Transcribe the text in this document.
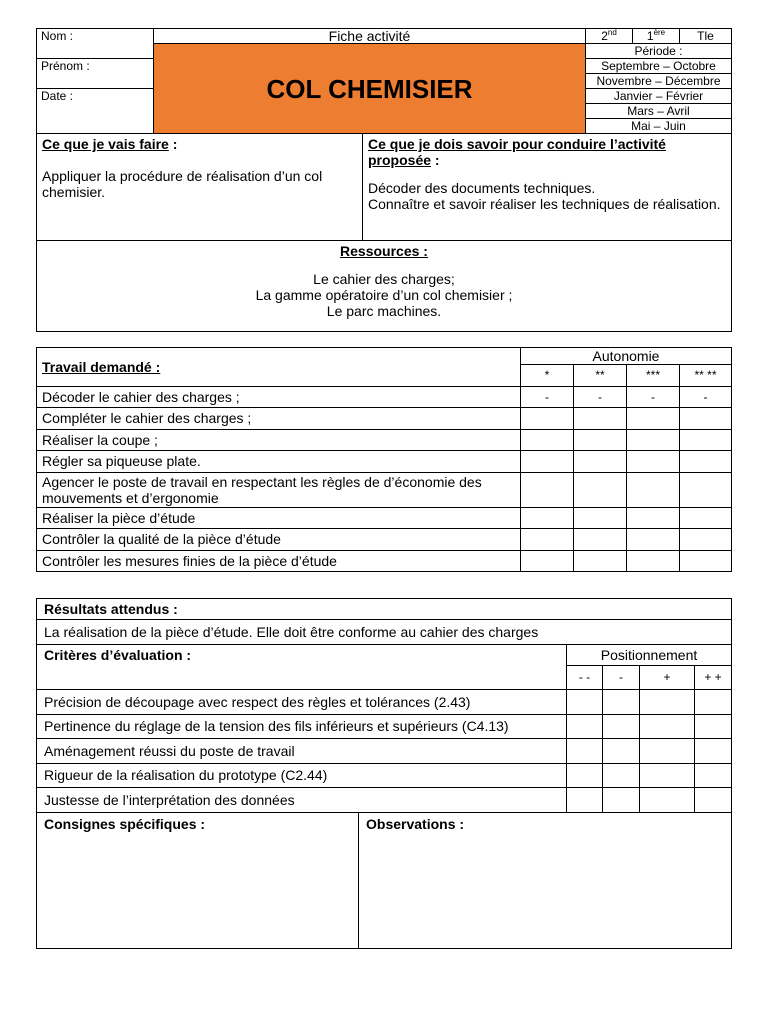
Nom :	Fiche activité	2nd	1ère	Tle
	COL CHEMISIER	Période :		
Prénom :		Septembre – Octobre		
		Novembre – Décembre		
Date :		Janvier – Février		
		Mars – Avril		
		Mai – Juin		

Ce que je vais faire :

Appliquer la procédure de réalisation d’un col chemisier.

Ce que je dois savoir pour conduire l’activité proposée :

Décoder des documents techniques.

Connaître et savoir réaliser les techniques de réalisation.

Ressources :

Le cahier des charges;

La gamme opératoire d’un col chemisier ;

Le parc machines.

Travail demandé :	Autonomie			
	*	**	***	** **
Décoder le cahier des charges ;	-	-	-	-
Compléter le cahier des charges ;				
Réaliser la coupe ;				
Régler sa piqueuse plate.				
Agencer le poste de travail en respectant les règles de d’économie des mouvements et d’ergonomie				
Réaliser la pièce d’étude				
Contrôler la qualité de la pièce d’étude				
Contrôler les mesures finies de la pièce d’étude				
Résultats attendus :					
La réalisation de la pièce d’étude. Elle doit être conforme au cahier des charges					
Critères d’évaluation :		Positionnement			
		- -	-	+	+ +
Précision de découpage avec respect des règles et tolérances (2.43)					
Pertinence du réglage de la tension des fils inférieurs et supérieurs (C4.13)					
Aménagement réussi du poste de travail					
Rigueur de la réalisation du prototype (C2.44)					
Justesse de l’interprétation des données					
Consignes spécifiques :	Observations :				
